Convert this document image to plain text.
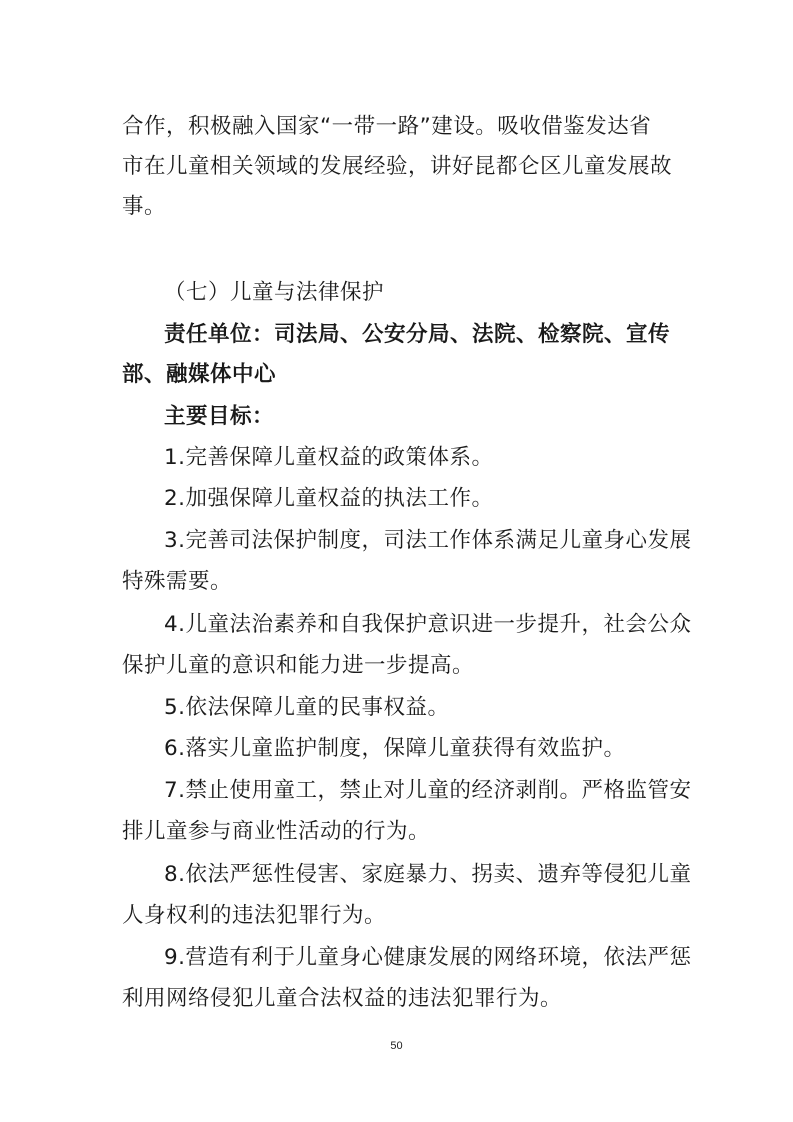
合作，积极融入国家“一带一路”建设。吸收借鉴发达省
市在儿童相关领域的发展经验，讲好昆都仑区儿童发展故
事。
（七）儿童与法律保护
责任单位：司法局、公安分局、法院、检察院、宣传
部、融媒体中心
主要目标：
1.完善保障儿童权益的政策体系。
2.加强保障儿童权益的执法工作。
3.完善司法保护制度，司法工作体系满足儿童身心发展
特殊需要。
4.儿童法治素养和自我保护意识进一步提升，社会公众
保护儿童的意识和能力进一步提高。
5.依法保障儿童的民事权益。
6.落实儿童监护制度，保障儿童获得有效监护。
7.禁止使用童工，禁止对儿童的经济剥削。严格监管安
排儿童参与商业性活动的行为。
8.依法严惩性侵害、家庭暴力、拐卖、遗弃等侵犯儿童
人身权利的违法犯罪行为。
9.营造有利于儿童身心健康发展的网络环境，依法严惩
利用网络侵犯儿童合法权益的违法犯罪行为。
50
